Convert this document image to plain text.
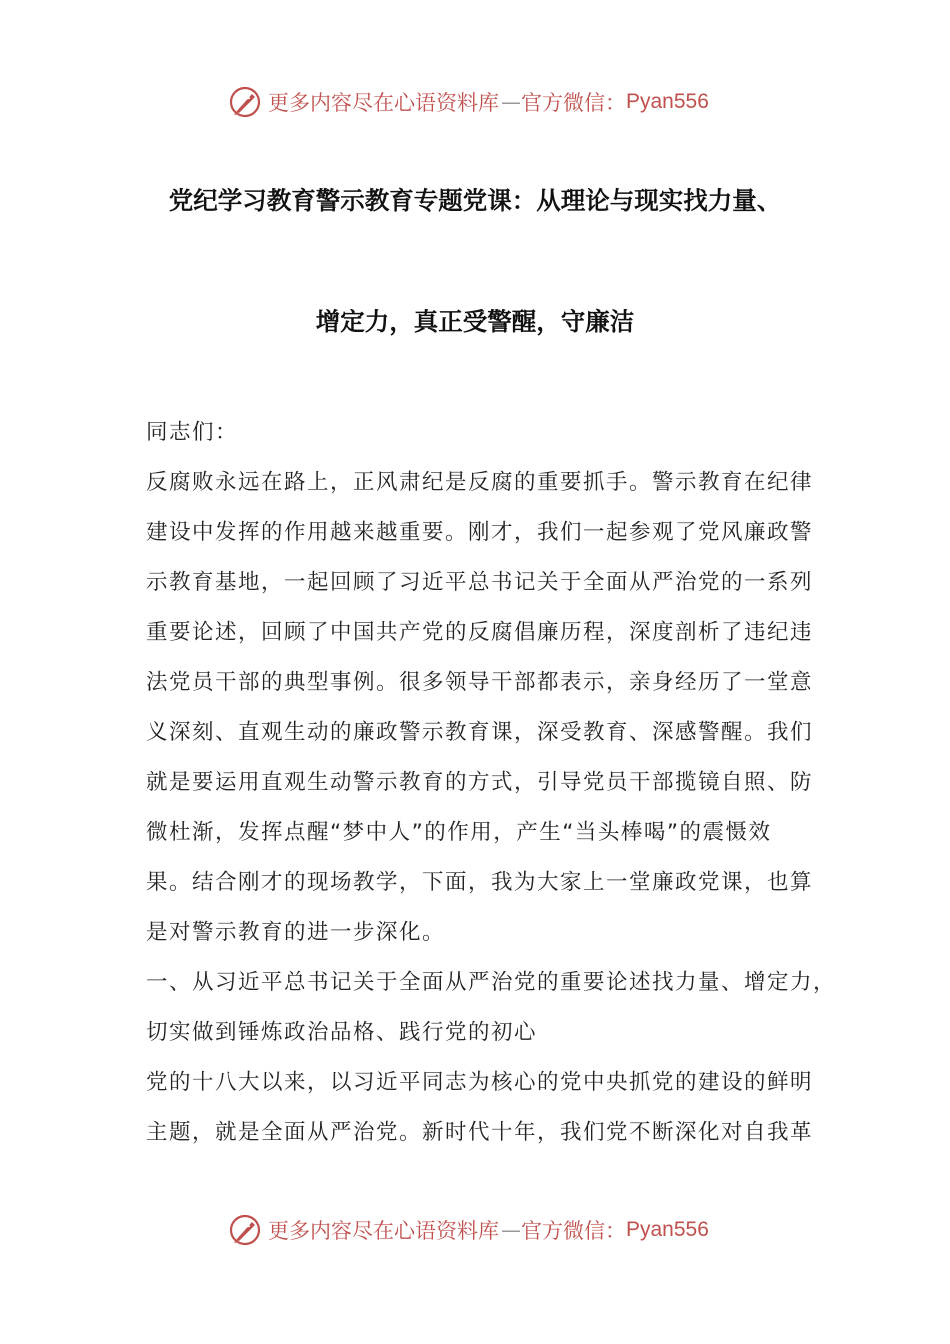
更多内容尽在心语资料库 — 官方微信： Pyan556
党纪学习教育警示教育专题党课：从理论与现实找力量、
增定力，真正受警醒，守廉洁
同志们：
反腐败永远在路上，正风肃纪是反腐的重要抓手。警示教育在纪律
建设中发挥的作用越来越重要。刚才，我们一起参观了党风廉政警
示教育基地，一起回顾了习近平总书记关于全面从严治党的一系列
重要论述，回顾了中国共产党的反腐倡廉历程，深度剖析了违纪违
法党员干部的典型事例。很多领导干部都表示，亲身经历了一堂意
义深刻、直观生动的廉政警示教育课，深受教育、深感警醒。我们
就是要运用直观生动警示教育的方式，引导党员干部揽镜自照、防
微杜渐，发挥点醒“梦中人”的作用，产生“当头棒喝”的震慑效
果。结合刚才的现场教学，下面，我为大家上一堂廉政党课，也算
是对警示教育的进一步深化。
一、从习近平总书记关于全面从严治党的重要论述找力量、增定力，
切实做到锤炼政治品格、践行党的初心
党的十八大以来，以习近平同志为核心的党中央抓党的建设的鲜明
主题，就是全面从严治党。新时代十年，我们党不断深化对自我革
更多内容尽在心语资料库 — 官方微信： Pyan556
